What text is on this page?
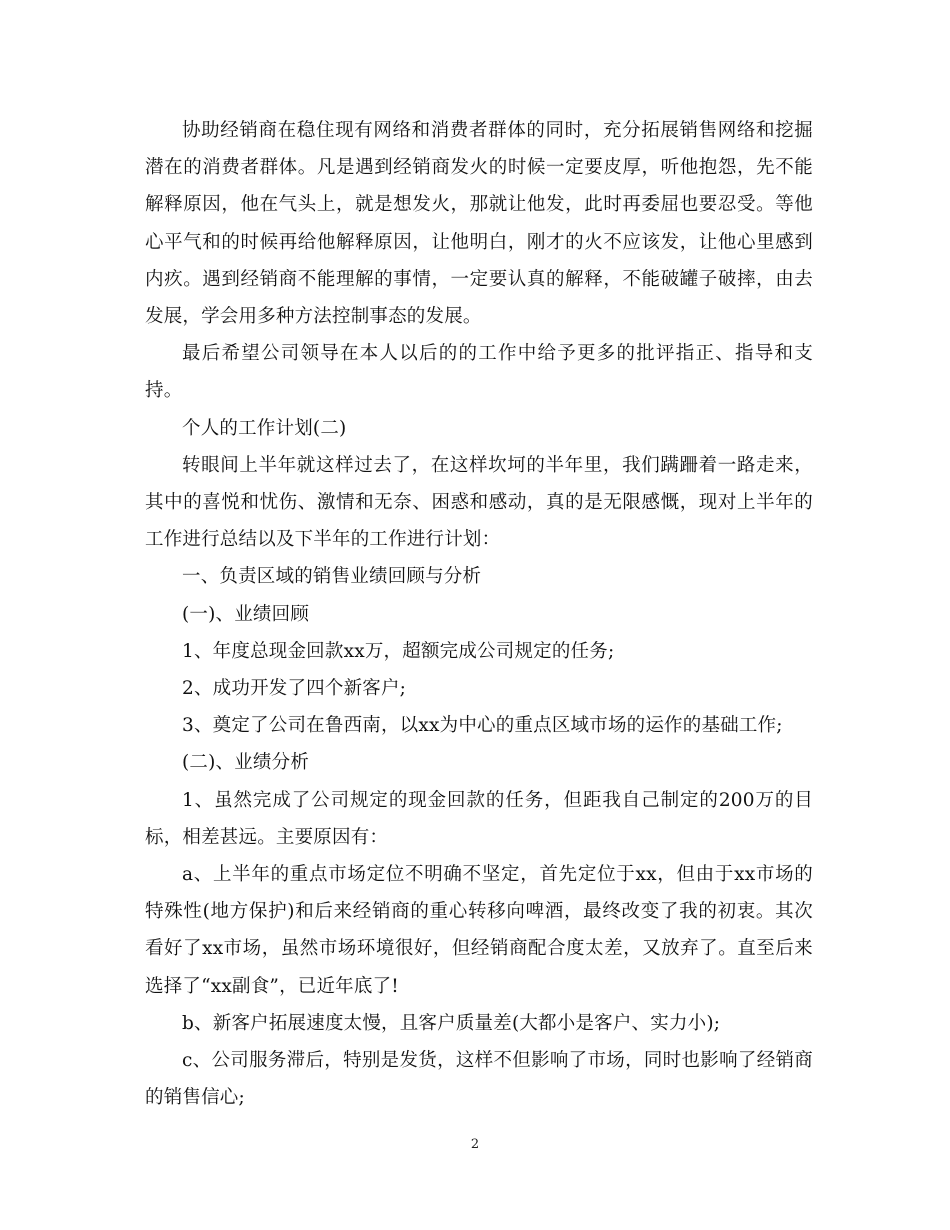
协助经销商在稳住现有网络和消费者群体的同时，充分拓展销售网络和挖掘潜在的消费者群体。凡是遇到经销商发火的时候一定要皮厚，听他抱怨，先不能解释原因，他在气头上，就是想发火，那就让他发，此时再委屈也要忍受。等他心平气和的时候再给他解释原因，让他明白，刚才的火不应该发，让他心里感到内疚。遇到经销商不能理解的事情，一定要认真的解释，不能破罐子破摔，由去发展，学会用多种方法控制事态的发展。

最后希望公司领导在本人以后的的工作中给予更多的批评指正、指导和支持。

个人的工作计划(二)

转眼间上半年就这样过去了，在这样坎坷的半年里，我们蹒跚着一路走来，其中的喜悦和忧伤、激情和无奈、困惑和感动，真的是无限感慨，现对上半年的工作进行总结以及下半年的工作进行计划：

一、负责区域的销售业绩回顾与分析

(一)、业绩回顾

1、年度总现金回款xx万，超额完成公司规定的任务;

2、成功开发了四个新客户;

3、奠定了公司在鲁西南，以xx为中心的重点区域市场的运作的基础工作;

(二)、业绩分析

1、虽然完成了公司规定的现金回款的任务，但距我自己制定的200万的目标，相差甚远。主要原因有：

a、上半年的重点市场定位不明确不坚定，首先定位于xx，但由于xx市场的特殊性(地方保护)和后来经销商的重心转移向啤酒，最终改变了我的初衷。其次看好了xx市场，虽然市场环境很好，但经销商配合度太差，又放弃了。直至后来选择了“xx副食”，已近年底了!

b、新客户拓展速度太慢，且客户质量差(大都小是客户、实力小);

c、公司服务滞后，特别是发货，这样不但影响了市场，同时也影响了经销商的销售信心;

2
